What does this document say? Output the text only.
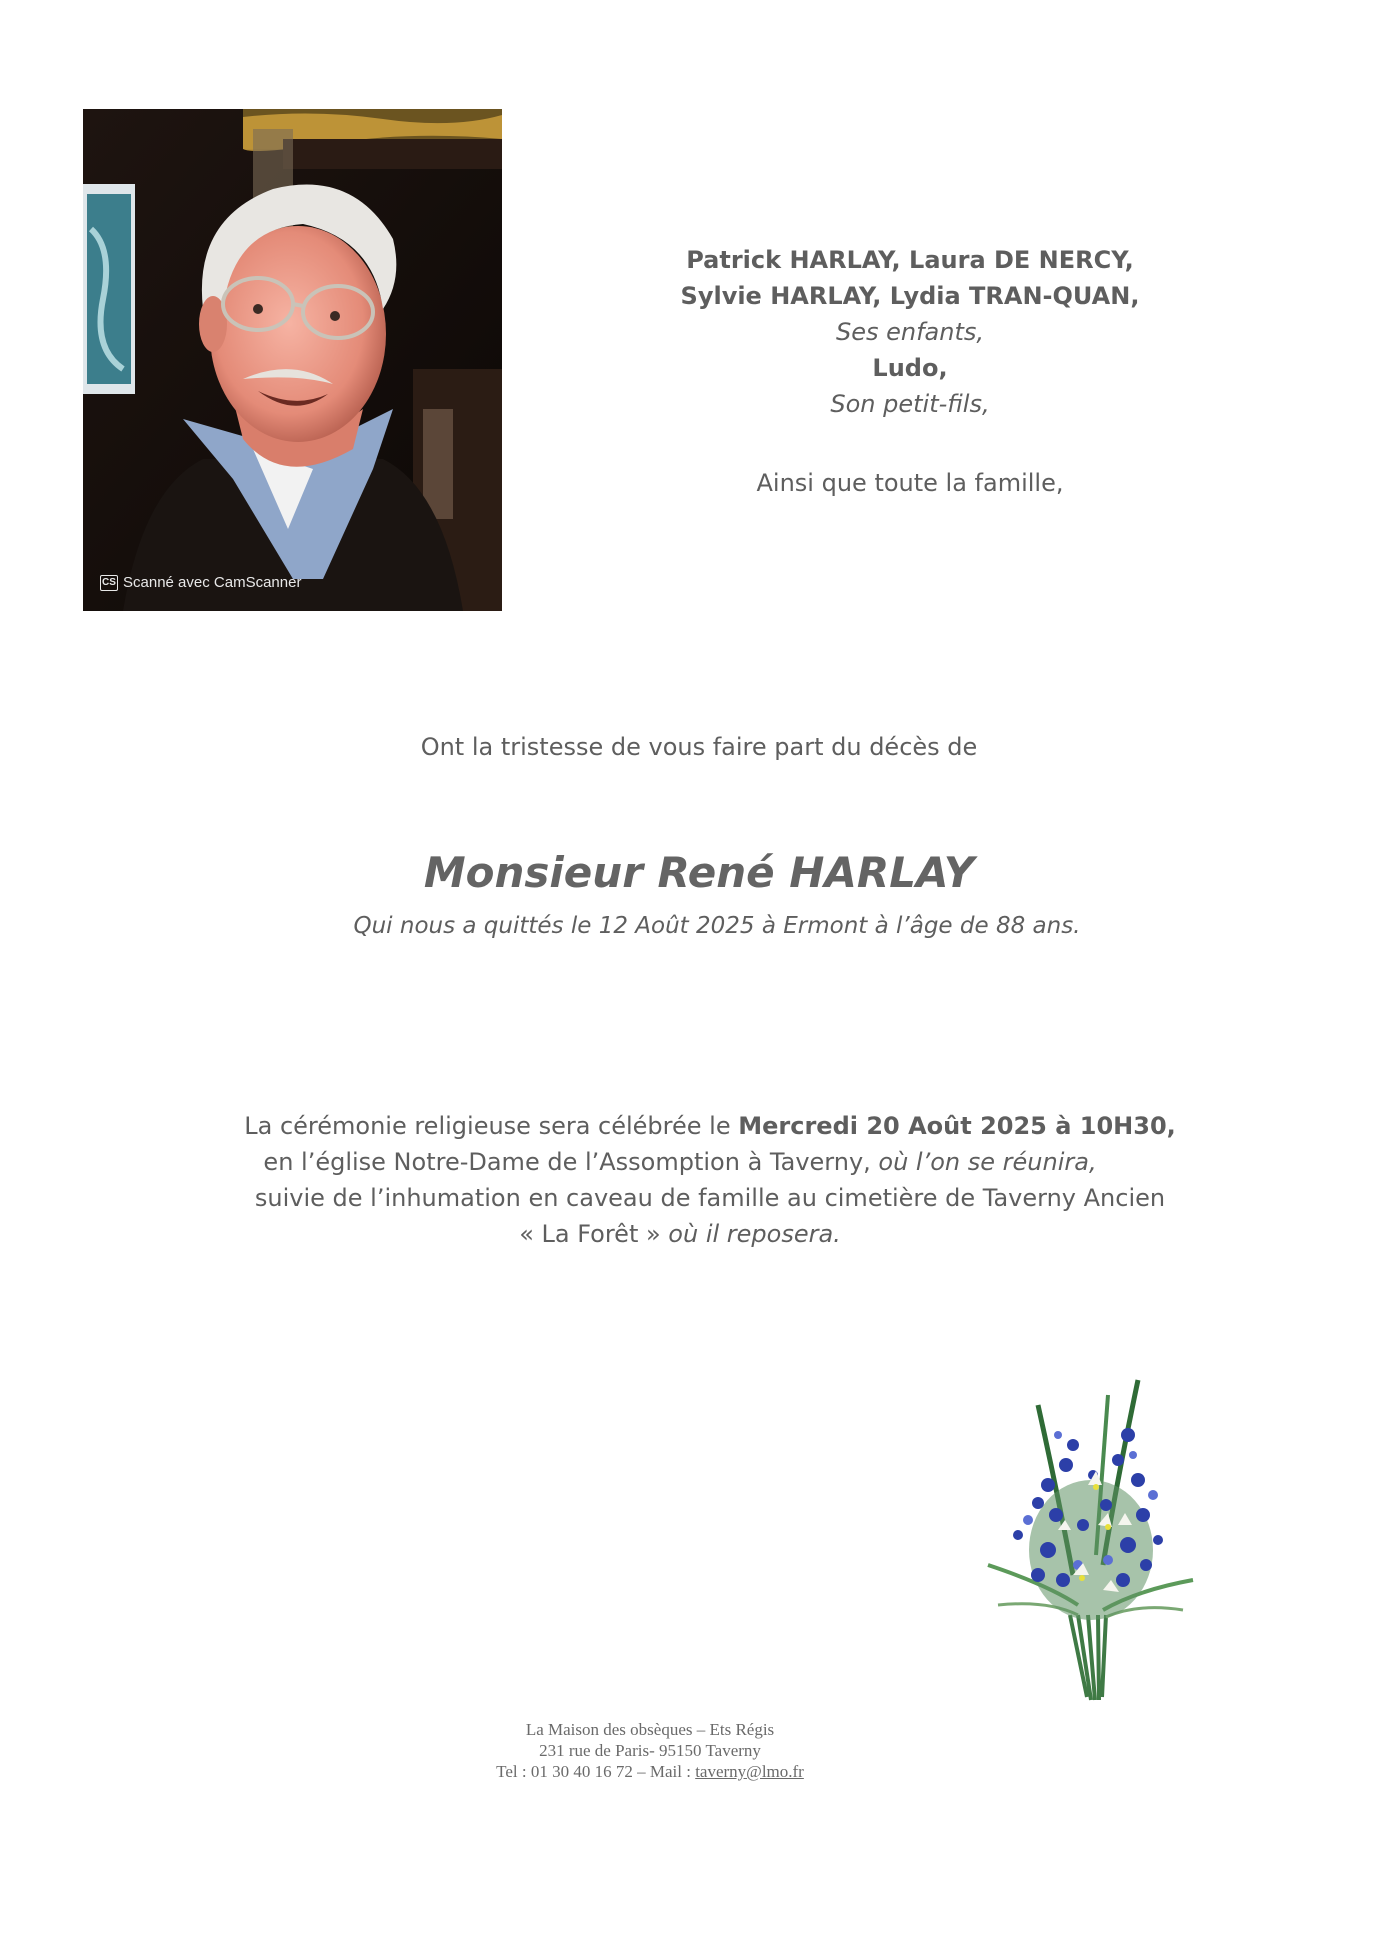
CS Scanné avec CamScanner
Patrick HARLAY, Laura DE NERCY,
Sylvie HARLAY, Lydia TRAN-QUAN,
Ses enfants,
Ludo,
Son petit-fils,
Ainsi que toute la famille,
Ont la tristesse de vous faire part du décès de
Monsieur René HARLAY
Qui nous a quittés le 12 Août 2025 à Ermont à l’âge de 88 ans.
La cérémonie religieuse sera célébrée le Mercredi 20 Août 2025 à 10H30,
en l’église Notre-Dame de l’Assomption à Taverny, où l’on se réunira,
suivie de l’inhumation en caveau de famille au cimetière de Taverny Ancien
« La Forêt » où il reposera.
La Maison des obsèques – Ets Régis
231 rue de Paris- 95150 Taverny
Tel : 01 30 40 16 72 – Mail : taverny@lmo.fr
